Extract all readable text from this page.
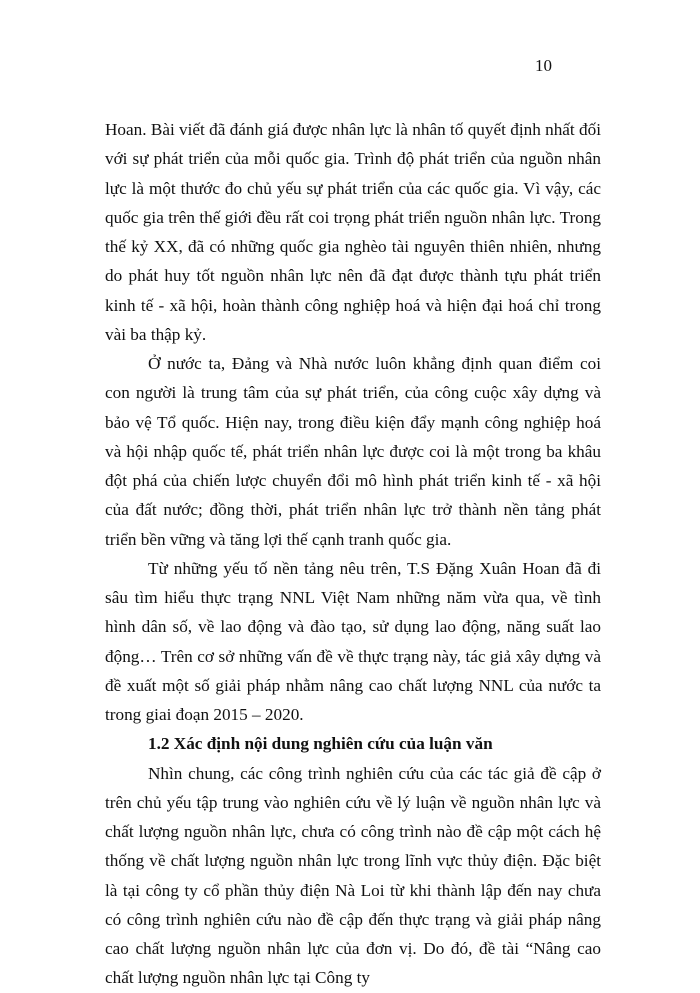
10

Hoan. Bài viết đã đánh giá được nhân lực là nhân tố quyết định nhất đối với sự phát triển của mỗi quốc gia. Trình độ phát triển của nguồn nhân lực là một thước đo chủ yếu sự phát triển của các quốc gia. Vì vậy, các quốc gia trên thế giới đều rất coi trọng phát triển nguồn nhân lực. Trong thế kỷ XX, đã có những quốc gia nghèo tài nguyên thiên nhiên, nhưng do phát huy tốt nguồn nhân lực nên đã đạt được thành tựu phát triển kinh tế - xã hội, hoàn thành công nghiệp hoá và hiện đại hoá chỉ trong vài ba thập kỷ.

Ở nước ta, Đảng và Nhà nước luôn khẳng định quan điểm coi con người là trung tâm của sự phát triển, của công cuộc xây dựng và bảo vệ Tổ quốc. Hiện nay, trong điều kiện đẩy mạnh công nghiệp hoá và hội nhập quốc tế, phát triển nhân lực được coi là một trong ba khâu đột phá của chiến lược chuyển đổi mô hình phát triển kinh tế - xã hội của đất nước; đồng thời, phát triển nhân lực trở thành nền tảng phát triển bền vững và tăng lợi thế cạnh tranh quốc gia.

Từ những yếu tố nền tảng nêu trên, T.S Đặng Xuân Hoan đã đi sâu tìm hiểu thực trạng NNL Việt Nam những năm vừa qua, về tình hình dân số, về lao động và đào tạo, sử dụng lao động, năng suất lao động… Trên cơ sở những vấn đề về thực trạng này, tác giả xây dựng và đề xuất một số giải pháp nhằm nâng cao chất lượng NNL của nước ta trong giai đoạn 2015 – 2020.

1.2 Xác định nội dung nghiên cứu của luận văn

Nhìn chung, các công trình nghiên cứu của các tác giả đề cập ở trên chủ yếu tập trung vào nghiên cứu về lý luận về nguồn nhân lực và chất lượng nguồn nhân lực, chưa có công trình nào đề cập một cách hệ thống về chất lượng nguồn nhân lực trong lĩnh vực thủy điện. Đặc biệt là tại công ty cổ phần thủy điện Nà Loi từ khi thành lập đến nay chưa có công trình nghiên cứu nào đề cập đến thực trạng và giải pháp nâng cao chất lượng nguồn nhân lực của đơn vị. Do đó, đề tài “Nâng cao chất lượng nguồn nhân lực tại Công ty
